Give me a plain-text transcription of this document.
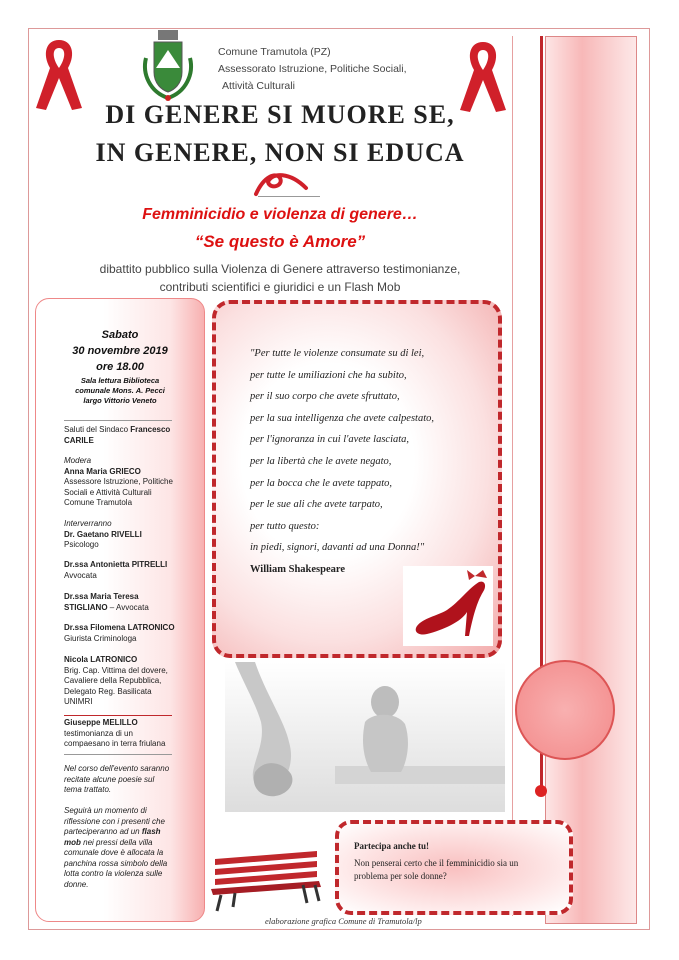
Comune Tramutola (PZ)
Assessorato Istruzione, Politiche Sociali,
Attività Culturali
DI GENERE SI MUORE SE,
IN GENERE, NON SI EDUCA
Femminicidio e violenza di genere…
“Se questo è Amore”
dibattito pubblico sulla Violenza di Genere attraverso testimonianze,
contributi scientifici e giuridici e un Flash Mob
Sabato
30 novembre 2019
ore 18.00
Sala lettura Biblioteca
comunale Mons. A. Pecci
largo Vittorio Veneto
Saluti del Sindaco Francesco
CARILE
Modera
Anna Maria GRIECO
Assessore Istruzione, Politiche
Sociali e Attività Culturali
Comune Tramutola
Interverranno
Dr. Gaetano RIVELLI
Psicologo
Dr.ssa Antonietta PITRELLI
Avvocata
Dr.ssa Maria Teresa
STIGLIANO – Avvocata
Dr.ssa Filomena LATRONICO
Giurista Criminologa
Nicola LATRONICO
Brig. Cap. Vittima del dovere,
Cavaliere della Repubblica,
Delegato Reg. Basilicata
UNIMRI
Giuseppe MELILLO
testimonianza di un
compaesano in terra friulana
Nel corso dell'evento saranno
recitate alcune poesie sul
tema trattato.
Seguirà un momento di
riflessione con i presenti che
parteciperanno ad un flash
mob nei pressi della villa
comunale dove è allocata la
panchina rossa simbolo della
lotta contro la violenza sulle
donne.
"Per tutte le violenze consumate su di lei,
per tutte le umiliazioni che ha subito,
per il suo corpo che avete sfruttato,
per la sua intelligenza che avete calpestato,
per l'ignoranza in cui l'avete lasciata,
per la libertà che le avete negato,
per la bocca che le avete tappato,
per le sue ali che avete tarpato,
per tutto questo:
in piedi, signori, davanti ad una Donna!"
William Shakespeare
Partecipa anche tu!
Non penserai certo che il femminicidio sia un
problema per sole donne?
elaborazione grafica Comune di Tramutola/lp
